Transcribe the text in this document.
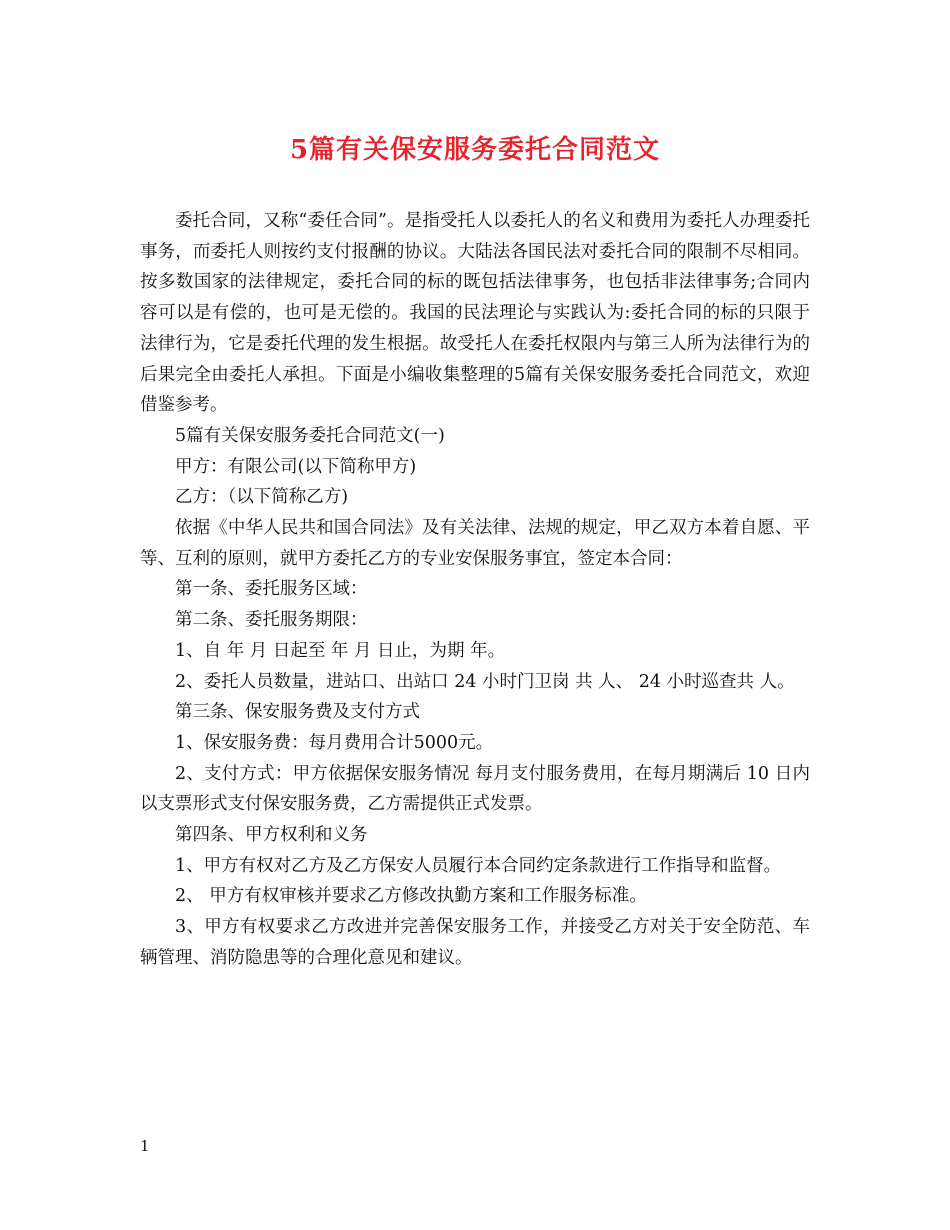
5篇有关保安服务委托合同范文

委托合同，又称“委任合同”。是指受托人以委托人的名义和费用为委托人办理委托事务，而委托人则按约支付报酬的协议。大陆法各国民法对委托合同的限制不尽相同。按多数国家的法律规定，委托合同的标的既包括法律事务，也包括非法律事务;合同内容可以是有偿的，也可是无偿的。我国的民法理论与实践认为:委托合同的标的只限于法律行为，它是委托代理的发生根据。故受托人在委托权限内与第三人所为法律行为的后果完全由委托人承担。下面是小编收集整理的5篇有关保安服务委托合同范文，欢迎借鉴参考。

5篇有关保安服务委托合同范文(一)

甲方：有限公司(以下简称甲方)

乙方：（以下简称乙方)

依据《中华人民共和国合同法》及有关法律、法规的规定，甲乙双方本着自愿、平等、互利的原则，就甲方委托乙方的专业安保服务事宜，签定本合同：

第一条、委托服务区域：

第二条、委托服务期限：

1、自 年 月 日起至 年 月 日止，为期 年。

2、委托人员数量，进站口、出站口 24 小时门卫岗 共 人、 24 小时巡查共 人。

第三条、保安服务费及支付方式

1、保安服务费：每月费用合计5000元。

2、支付方式：甲方依据保安服务情况 每月支付服务费用，在每月期满后 10 日内以支票形式支付保安服务费，乙方需提供正式发票。

第四条、甲方权利和义务

1、甲方有权对乙方及乙方保安人员履行本合同约定条款进行工作指导和监督。

2、 甲方有权审核并要求乙方修改执勤方案和工作服务标准。

3、甲方有权要求乙方改进并完善保安服务工作，并接受乙方对关于安全防范、车辆管理、消防隐患等的合理化意见和建议。

1
